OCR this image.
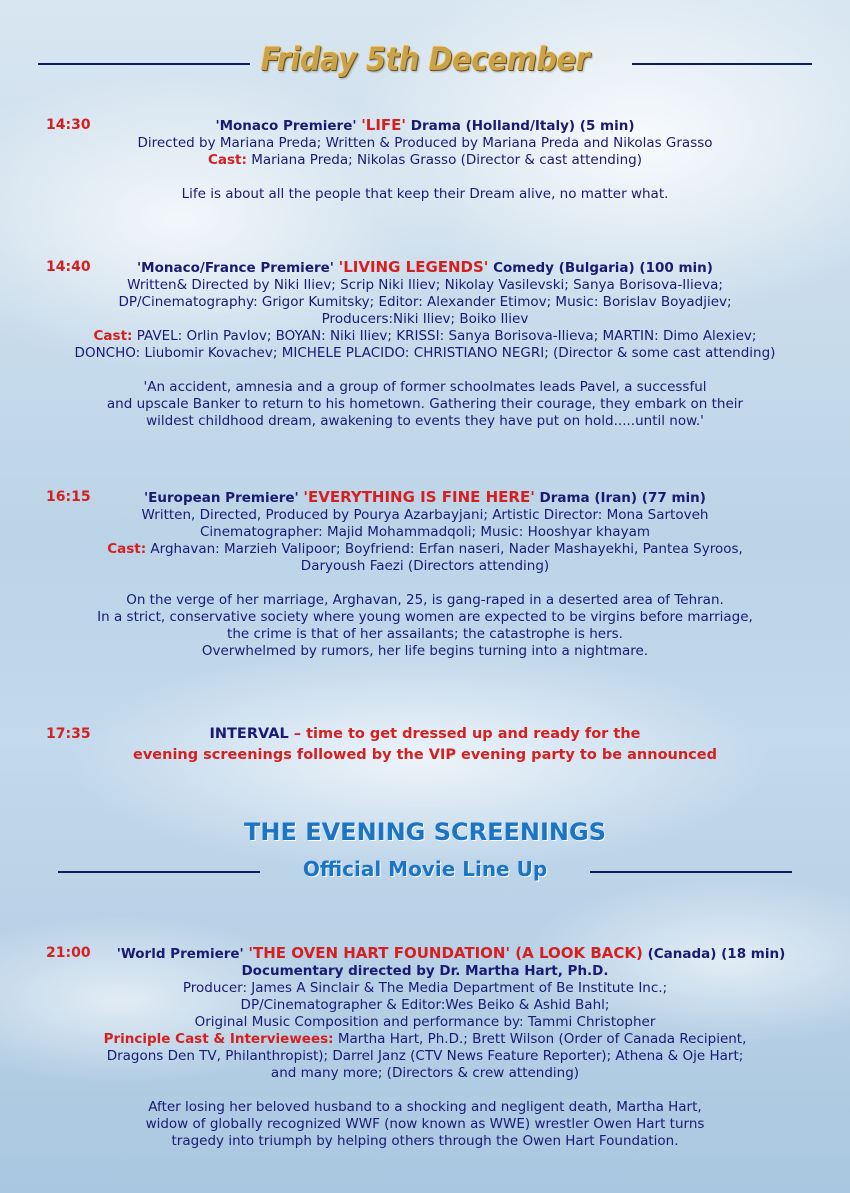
Friday 5th December
14:30	'Monaco Premiere' 'LIFE' Drama (Holland/Italy) (5 min)
Directed by Mariana Preda; Written & Produced by Mariana Preda and Nikolas Grasso
Cast: Mariana Preda; Nikolas Grasso (Director & cast attending)
Life is about all the people that keep their Dream alive, no matter what.
14:40	'Monaco/France Premiere' 'LIVING LEGENDS' Comedy (Bulgaria) (100 min)
Written& Directed by Niki Iliev; Scrip Niki Iliev; Nikolay Vasilevski; Sanya Borisova-Ilieva;
DP/Cinematography: Grigor Kumitsky; Editor: Alexander Etimov; Music: Borislav Boyadjiev;
Producers:Niki Iliev; Boiko Iliev
Cast: PAVEL: Orlin Pavlov; BOYAN: Niki Iliev; KRISSI: Sanya Borisova-Ilieva; MARTIN: Dimo Alexiev;
DONCHO: Liubomir Kovachev; MICHELE PLACIDO: CHRISTIANO NEGRI; (Director & some cast attending)
'An accident, amnesia and a group of former schoolmates leads Pavel, a successful
and upscale Banker to return to his hometown. Gathering their courage, they embark on their
wildest childhood dream, awakening to events they have put on hold.....until now.'
16:15	'European Premiere' 'EVERYTHING IS FINE HERE' Drama (Iran) (77 min)
Written, Directed, Produced by Pourya Azarbayjani; Artistic Director: Mona Sartoveh
Cinematographer: Majid Mohammadqoli; Music: Hooshyar khayam
Cast: Arghavan: Marzieh Valipoor; Boyfriend: Erfan naseri, Nader Mashayekhi, Pantea Syroos,
Daryoush Faezi (Directors attending)
On the verge of her marriage, Arghavan, 25, is gang-raped in a deserted area of Tehran.
In a strict, conservative society where young women are expected to be virgins before marriage,
the crime is that of her assailants; the catastrophe is hers.
Overwhelmed by rumors, her life begins turning into a nightmare.
17:35	INTERVAL – time to get dressed up and ready for the
evening screenings followed by the VIP evening party to be announced
THE EVENING SCREENINGS
Official Movie Line Up
21:00	'World Premiere' 'THE OVEN HART FOUNDATION' (A LOOK BACK) (Canada) (18 min)
Documentary directed by Dr. Martha Hart, Ph.D.
Producer: James A Sinclair & The Media Department of Be Institute Inc.;
DP/Cinematographer & Editor:Wes Beiko & Ashid Bahl;
Original Music Composition and performance by: Tammi Christopher
Principle Cast & Interviewees: Martha Hart, Ph.D.; Brett Wilson (Order of Canada Recipient,
Dragons Den TV, Philanthropist); Darrel Janz (CTV News Feature Reporter); Athena & Oje Hart;
and many more; (Directors & crew attending)
After losing her beloved husband to a shocking and negligent death, Martha Hart,
widow of globally recognized WWF (now known as WWE) wrestler Owen Hart turns
tragedy into triumph by helping others through the Owen Hart Foundation.
